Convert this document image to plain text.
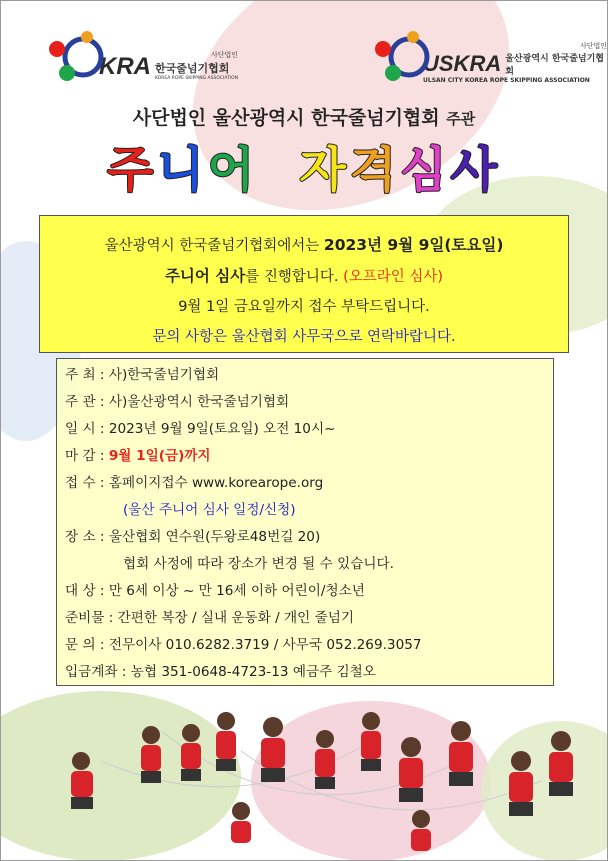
KRA	사단법인
한국줄넘기협회
KOREA ROPE SKIPPING ASSOCIATION
USKRA
사단법인
울산광역시 한국줄넘기협회
ULSAN CITY KOREA ROPE SKIPPING ASSOCIATION
사단법인 울산광역시 한국줄넘기협회 주관
주니어 자격심사
울산광역시 한국줄넘기협회에서는 2023년 9월 9일(토요일)
주니어 심사를 진행합니다. (오프라인 심사)
9월 1일 금요일까지 접수 부탁드립니다.
문의 사항은 울산협회 사무국으로 연락바랍니다.
주 최 : 사)한국줄넘기협회
주 관 : 사)울산광역시 한국줄넘기협회
일 시 : 2023년 9월 9일(토요일) 오전 10시~
마 감 : 9월 1일(금)까지
접 수 : 홈페이지접수 www.korearope.org
(울산 주니어 심사 일정/신청)
장 소 : 울산협회 연수원(두왕로48번길 20)
협회 사정에 따라 장소가 변경 될 수 있습니다.
대 상 : 만 6세 이상 ~ 만 16세 이하 어린이/청소년
준비물 : 간편한 복장 / 실내 운동화 / 개인 줄넘기
문 의 : 전무이사 010.6282.3719 / 사무국 052.269.3057
입금계좌 : 농협 351-0648-4723-13 예금주 김철오
